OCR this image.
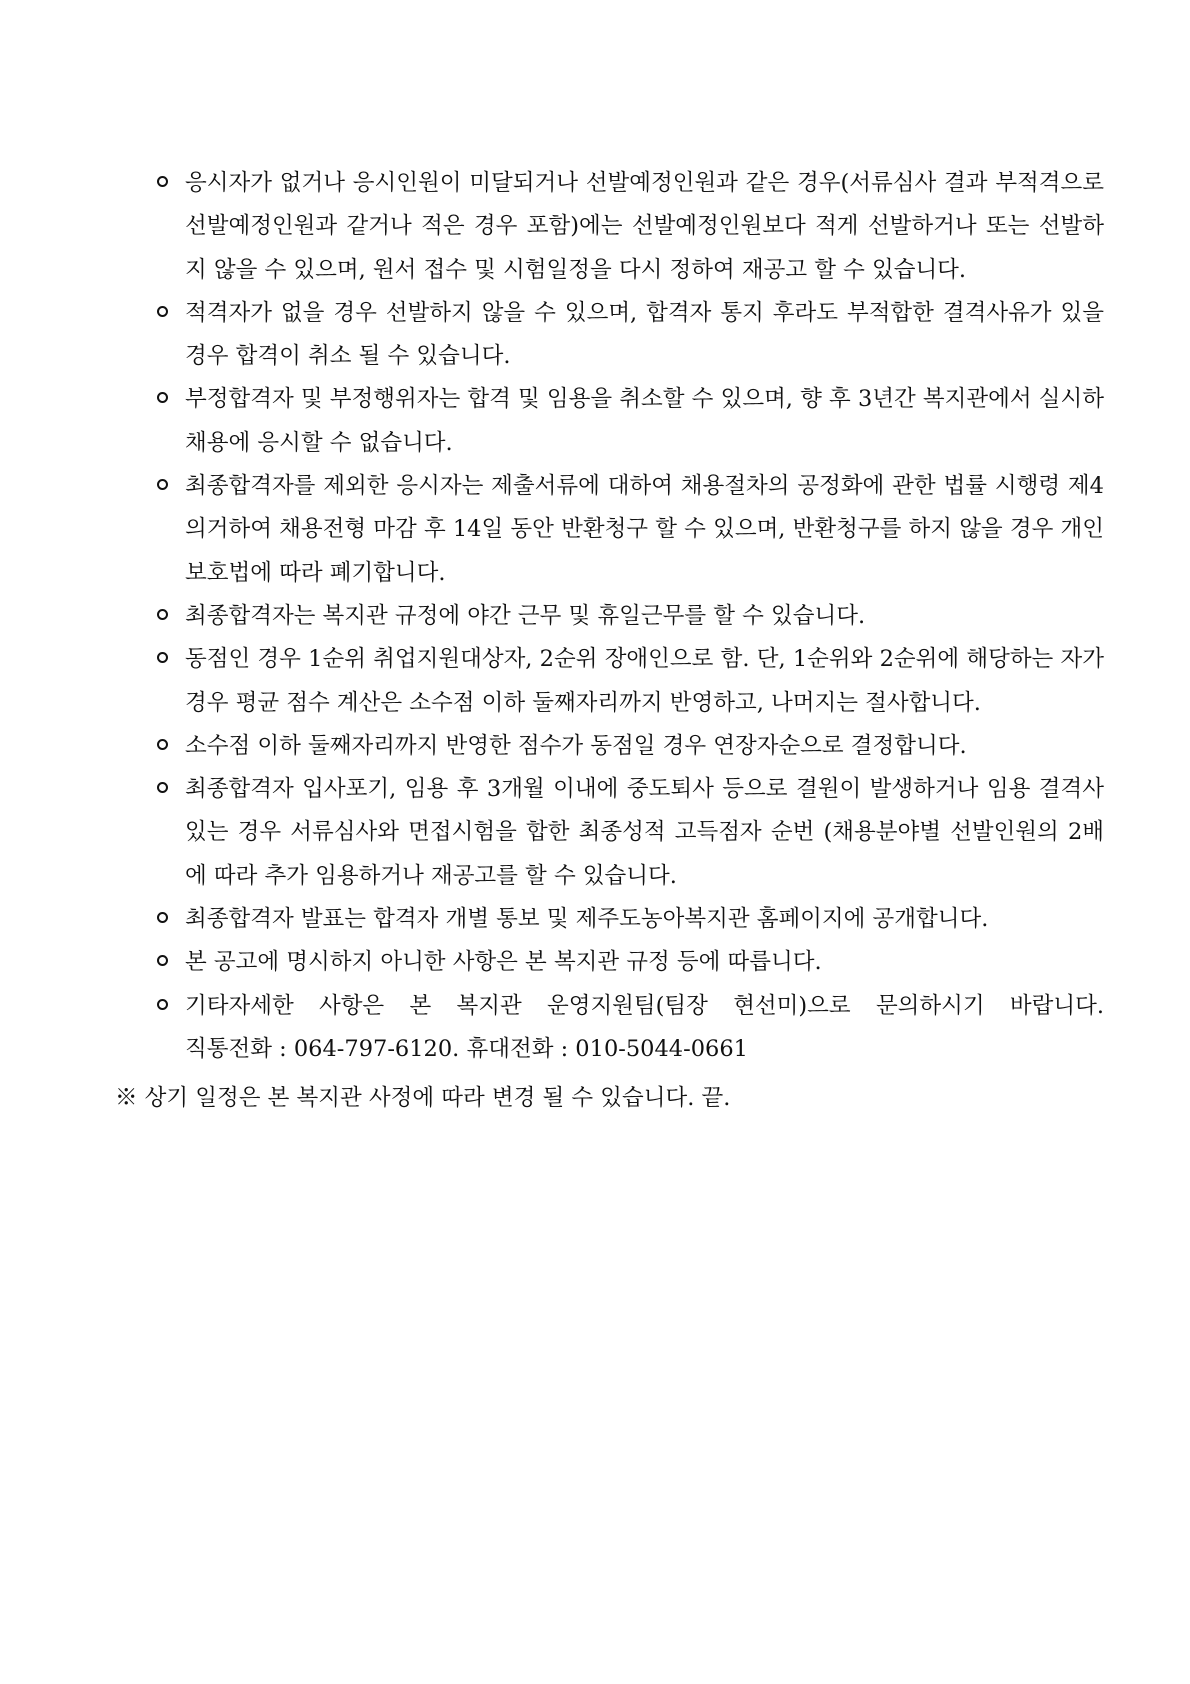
응시자가 없거나 응시인원이 미달되거나 선발예정인원과 같은 경우(서류심사 결과 부적격으로
선발예정인원과 같거나 적은 경우 포함)에는 선발예정인원보다 적게 선발하거나 또는 선발하
지 않을 수 있으며, 원서 접수 및 시험일정을 다시 정하여 재공고 할 수 있습니다.
적격자가 없을 경우 선발하지 않을 수 있으며, 합격자 통지 후라도 부적합한 결격사유가 있을
경우 합격이 취소 될 수 있습니다.
부정합격자 및 부정행위자는 합격 및 임용을 취소할 수 있으며, 향 후 3년간 복지관에서 실시하
채용에 응시할 수 없습니다.
최종합격자를 제외한 응시자는 제출서류에 대하여 채용절차의 공정화에 관한 법률 시행령 제4
의거하여 채용전형 마감 후 14일 동안 반환청구 할 수 있으며, 반환청구를 하지 않을 경우 개인
보호법에 따라 폐기합니다.
최종합격자는 복지관 규정에 야간 근무 및 휴일근무를 할 수 있습니다.
동점인 경우 1순위 취업지원대상자, 2순위 장애인으로 함. 단, 1순위와 2순위에 해당하는 자가
경우 평균 점수 계산은 소수점 이하 둘째자리까지 반영하고, 나머지는 절사합니다.
소수점 이하 둘째자리까지 반영한 점수가 동점일 경우 연장자순으로 결정합니다.
최종합격자 입사포기, 임용 후 3개월 이내에 중도퇴사 등으로 결원이 발생하거나 임용 결격사
있는 경우 서류심사와 면접시험을 합한 최종성적 고득점자 순번 (채용분야별 선발인원의 2배
에 따라 추가 임용하거나 재공고를 할 수 있습니다.
최종합격자 발표는 합격자 개별 통보 및 제주도농아복지관 홈페이지에 공개합니다.
본 공고에 명시하지 아니한 사항은 본 복지관 규정 등에 따릅니다.
기타자세한 사항은 본 복지관 운영지원팀(팀장 현선미)으로 문의하시기 바랍니다.
직통전화 : 064-797-6120. 휴대전화 : 010-5044-0661
※ 상기 일정은 본 복지관 사정에 따라 변경 될 수 있습니다. 끝.
